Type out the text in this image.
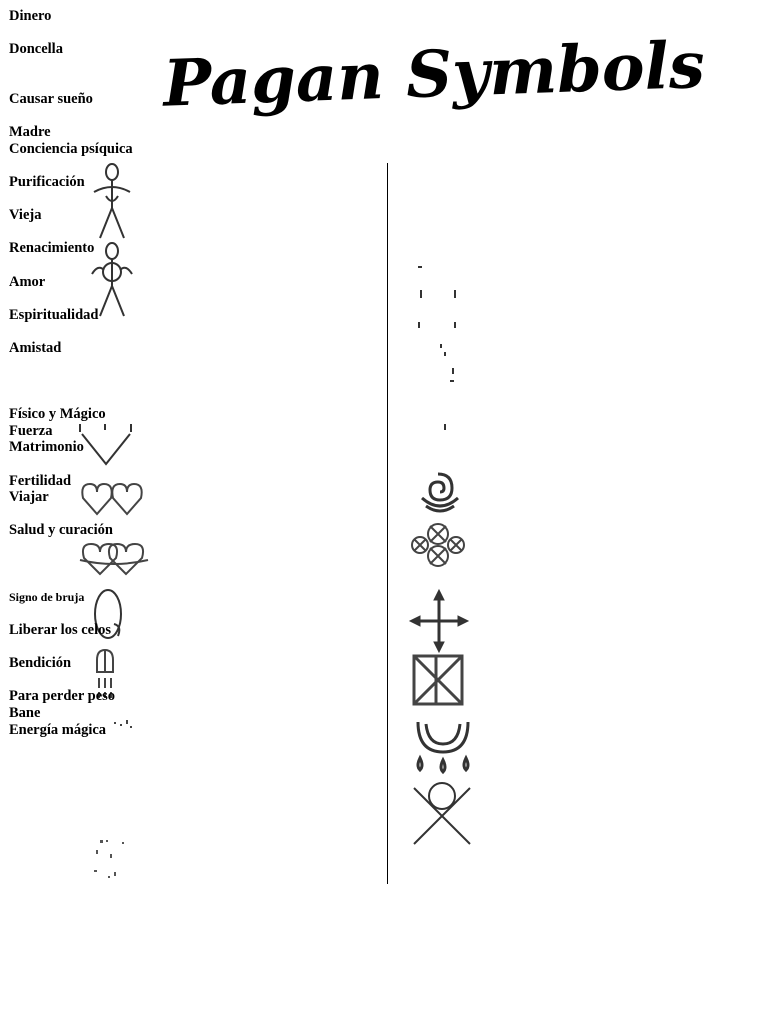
Pagan Symbols
Dinero
Doncella
Causar sueño
Madre
Conciencia psíquica
Purificación
Vieja
Renacimiento
Amor
Espiritualidad
Amistad
Físico y Mágico
Fuerza
Matrimonio
Fertilidad
Viajar
Salud y curación
Signo de bruja
Liberar los celos
Bendición
Para perder peso
Bane
Energía mágica
